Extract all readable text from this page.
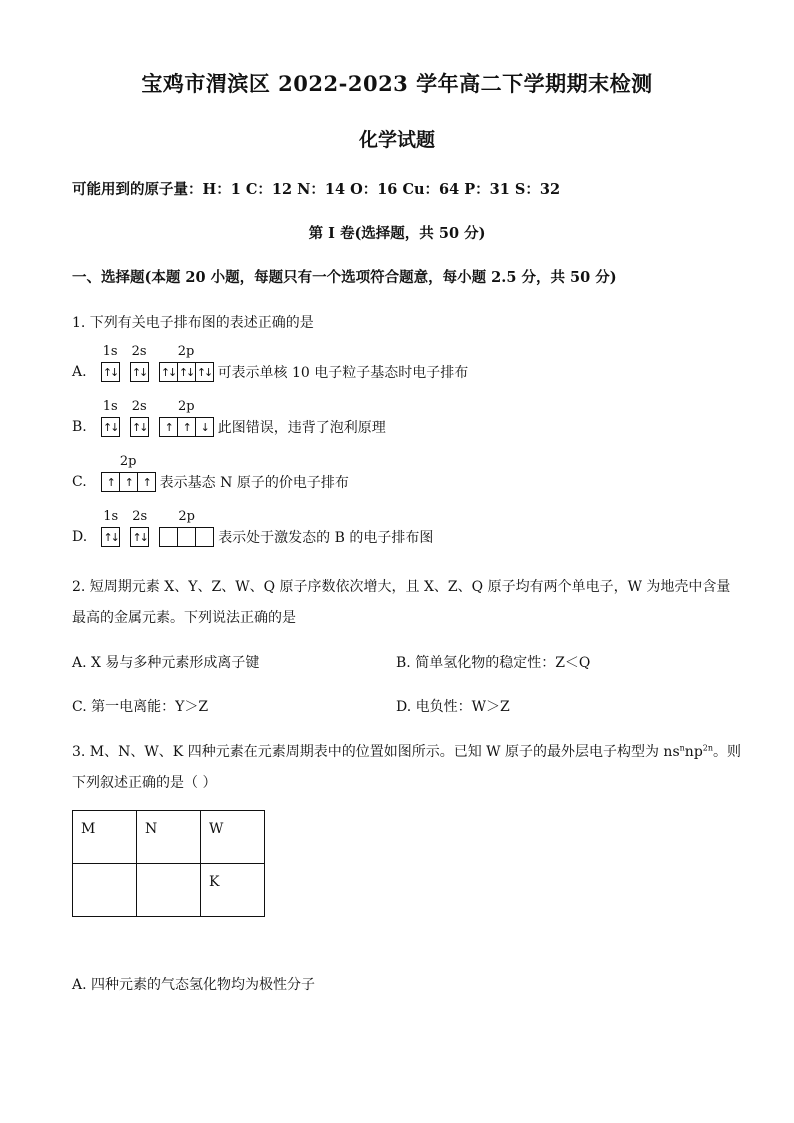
宝鸡市渭滨区 2022-2023 学年高二下学期期末检测
化学试题
可能用到的原子量：H：1 C：12 N：14 O：16 Cu：64 P：31 S：32
第 I 卷(选择题，共 50 分)
一、选择题(本题 20 小题，每题只有一个选项符合题意，每小题 2.5 分，共 50 分)
1. 下列有关电子排布图的表述正确的是
A.
1s
↑↓
2s
↑↓
2p
↑↓ ↑↓ ↑↓ 可表示单核 10 电子粒子基态时电子排布
B.
1s
↑↓
2s
↑↓
2p
↑ ↑ ↓ 此图错误，违背了泡利原理
C.
2p
↑ ↑ ↑ 表示基态 N 原子的价电子排布
D.
1s
↑↓
2s
↑↓
2p
表示处于激发态的 B 的电子排布图
2. 短周期元素 X、Y、Z、W、Q 原子序数依次增大，且 X、Z、Q 原子均有两个单电子，W 为地壳中含量
最高的金属元素。下列说法正确的是
A. X 易与多种元素形成离子键	B. 简单氢化物的稳定性：Z＜Q
C. 第一电离能：Y＞Z	D. 电负性：W＞Z
3. M、N、W、K 四种元素在元素周期表中的位置如图所示。已知 W 原子的最外层电子构型为 $ns^nnp^{2n}$。则
下列叙述正确的是（ ）
M	N	W
		K
A. 四种元素的气态氢化物均为极性分子
